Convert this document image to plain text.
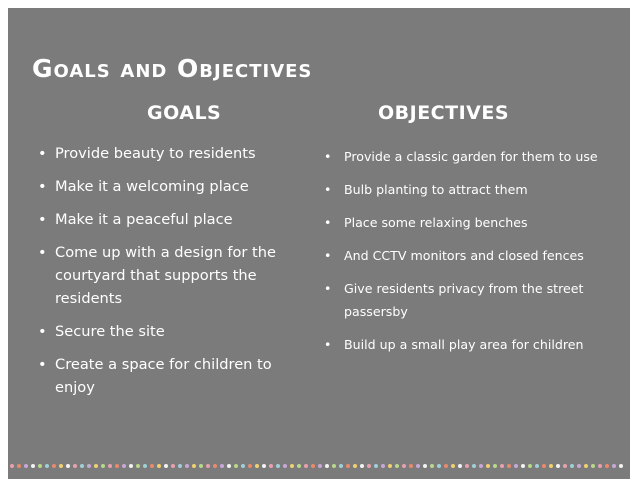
Goals and Objectives
GOALS	OBJECTIVES
• Provide beauty to residents
• Make it a welcoming place
• Make it a peaceful place
• Come up with a design for the courtyard that supports the residents
• Secure the site
• Create a space for children to enjoy
• Provide a classic garden for them to use
• Bulb planting to attract them
• Place some relaxing benches
• And CCTV monitors and closed fences
• Give residents privacy from the street passersby
• Build up a small play area for children
